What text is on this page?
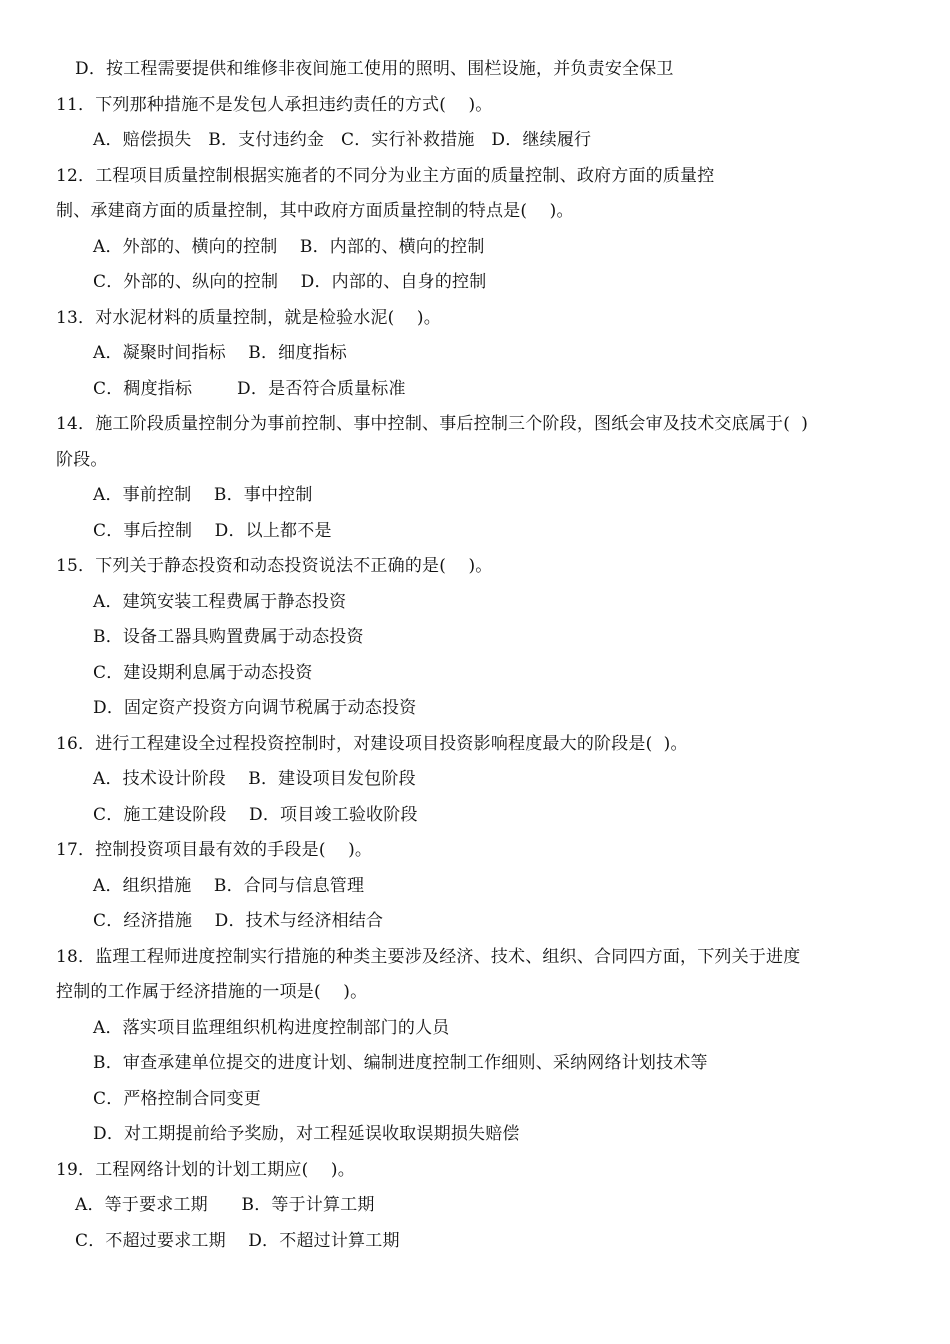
D．按工程需要提供和维修非夜间施工使用的照明、围栏设施，并负责安全保卫
11．下列那种措施不是发包人承担违约责任的方式(    )。
A．赔偿损失   B．支付违约金   C．实行补救措施   D．继续履行
12．工程项目质量控制根据实施者的不同分为业主方面的质量控制、政府方面的质量控
制、承建商方面的质量控制，其中政府方面质量控制的特点是(    )。
A．外部的、横向的控制    B．内部的、横向的控制
C．外部的、纵向的控制    D．内部的、自身的控制
13．对水泥材料的质量控制，就是检验水泥(    )。
A．凝聚时间指标    B．细度指标
C．稠度指标        D．是否符合质量标准
14．施工阶段质量控制分为事前控制、事中控制、事后控制三个阶段，图纸会审及技术交底属于(  )
阶段。
A．事前控制    B．事中控制
C．事后控制    D．以上都不是
15．下列关于静态投资和动态投资说法不正确的是(    )。
A．建筑安装工程费属于静态投资
B．设备工器具购置费属于动态投资
C．建设期利息属于动态投资
D．固定资产投资方向调节税属于动态投资
16．进行工程建设全过程投资控制时，对建设项目投资影响程度最大的阶段是(  )。
A．技术设计阶段    B．建设项目发包阶段
C．施工建设阶段    D．项目竣工验收阶段
17．控制投资项目最有效的手段是(    )。
A．组织措施    B．合同与信息管理
C．经济措施    D．技术与经济相结合
18．监理工程师进度控制实行措施的种类主要涉及经济、技术、组织、合同四方面，下列关于进度
控制的工作属于经济措施的一项是(    )。
A．落实项目监理组织机构进度控制部门的人员
B．审查承建单位提交的进度计划、编制进度控制工作细则、采纳网络计划技术等
C．严格控制合同变更
D．对工期提前给予奖励，对工程延误收取误期损失赔偿
19．工程网络计划的计划工期应(    )。
A．等于要求工期      B．等于计算工期
C．不超过要求工期    D．不超过计算工期
